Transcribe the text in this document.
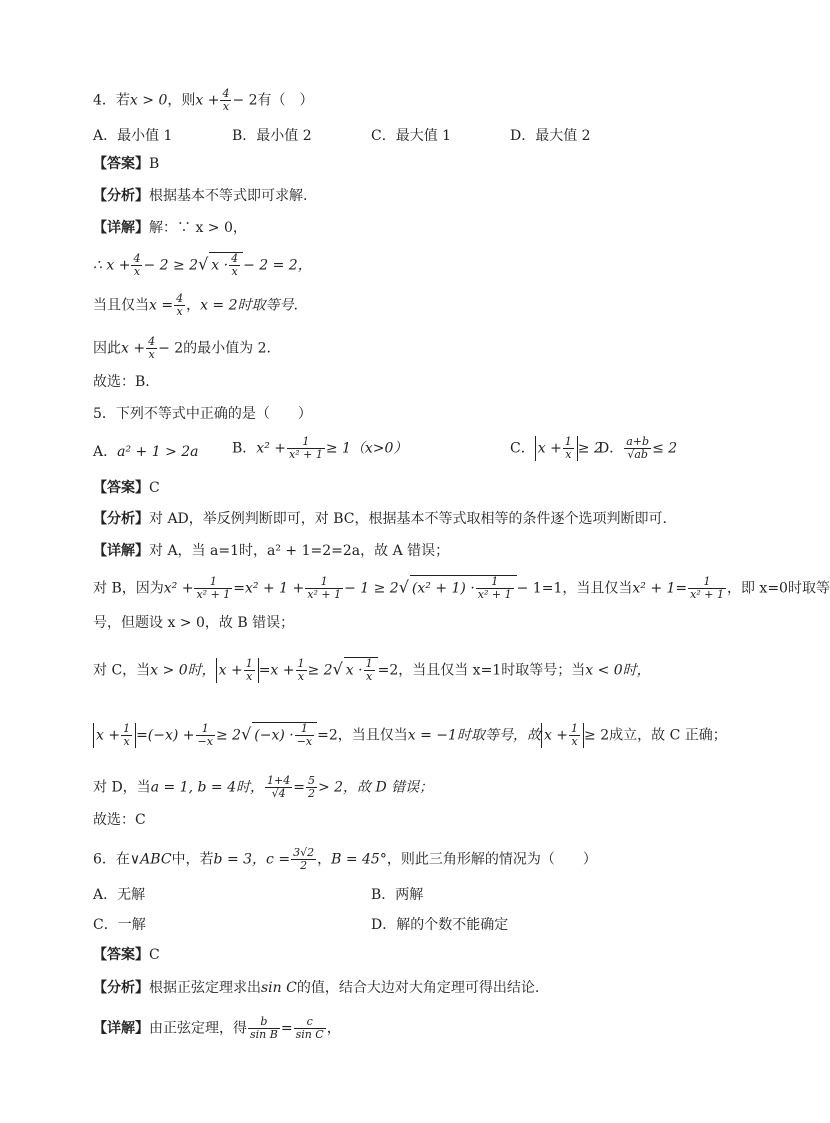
4．若x > 0，则$x + \frac{4}{x} - 2$有（　）
A．最小值 1	B．最小值 2	C．最大值 1	D．最大值 2
【答案】B
【分析】根据基本不等式即可求解.
【详解】解：∵ x > 0，
∴ $x + \frac{4}{x} - 2 \ge 2√$ $x \cdot \frac{4}{x} - 2 = 2$，
当且仅当$x = \frac{4}{x}$ ，x = 2时取等号.
因此$x + \frac{4}{x} - 2$的最小值为 2.
故选：B.
5．下列不等式中正确的是（　　）
A．a² + 1 > 2a B．$x^2 + \frac{1}{\text{x² + 1}} \ge 1(x>0)$	C． $x + \frac{1}{x} \ge 2$
D． $\frac{a+b}{√ab} \le 2$
【答案】C
【分析】对 AD，举反例判断即可，对 BC，根据基本不等式取相等的条件逐个选项判断即可.
【详解】对 A，当 a=1时，a² + 1=2=2a，故 A 错误；
对 B，因为$x^2 + \frac{1}{\text{x² + 1}} =x^2 + 1 + \frac{1}{\text{x² + 1}} - 1 \ge 2√$ $(x^2 + 1) \cdot \frac{1}{\text{x² + 1}} - 1=1$，当且仅当$x^2 + 1= \frac{1}{\text{x² + 1}}$ ，即 x=0时取等
号，但题设 x > 0，故 B 错误；
对 C，当x > 0时， $x + \frac{1}{x} =x + \frac{1}{x} \ge 2√$ $x \cdot \frac{1}{x} =2$，当且仅当 x=1时取等号；当x < 0时，
$x + \frac{1}{x} =(-x) + \frac{1}{-x} \ge 2√$ $(-x) \cdot \frac{1}{-x} =2$，当且仅当x = −1时取等号，故 $x + \frac{1}{x} \ge 2$成立，故 C 正确；
对 D，当a = 1, b = 4时， $\frac{1+4}{√4} = \frac{5}{2} > 2$，故 D 错误；
故选：C
6．在∨ABC中，若b = 3，$c = \frac{3√2}{2}$ ，B = 45°，则此三角形解的情况为（　　）
A．无解	B．两解
C．一解	D．解的个数不能确定
【答案】C
【分析】根据正弦定理求出sin C的值，结合大边对大角定理可得出结论.
【详解】由正弦定理，得 $\frac{b}{\text{sin B}} = \frac{c}{\text{sin C}}$ ，
